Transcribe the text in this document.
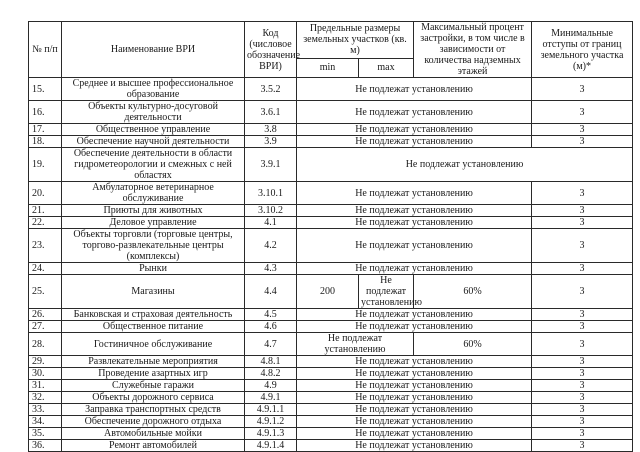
№ п/п	Наименование ВРИ	Код (числовое обозначение ВРИ)	Предельные размеры земельных участков (кв. м)		Максимальный процент застройки, в том числе в зависимости от количества надземных этажей	Минимальные отступы от границ земельного участка (м)*
			min	max		
15.	Среднее и высшее профессиональное образование	3.5.2	Не подлежат установлению			3
16.	Объекты культурно-досуговой деятельности	3.6.1	Не подлежат установлению			3
17.	Общественное управление	3.8	Не подлежат установлению			3
18.	Обеспечение научной деятельности	3.9	Не подлежат установлению			3
19.	Обеспечение деятельности в области гидрометеорологии и смежных с ней областях	3.9.1	Не подлежат установлению			
20.	Амбулаторное ветеринарное обслуживание	3.10.1	Не подлежат установлению			3
21.	Приюты для животных	3.10.2	Не подлежат установлению			3
22.	Деловое управление	4.1	Не подлежат установлению			3
23.	Объекты торговли (торговые центры, торгово-развлекательные центры (комплексы)	4.2	Не подлежат установлению			3
24.	Рынки	4.3	Не подлежат установлению			3
25.	Магазины	4.4	200	Не подлежат установлению	60%	3
26.	Банковская и страховая деятельность	4.5	Не подлежат установлению			3
27.	Общественное питание	4.6	Не подлежат установлению			3
28.	Гостиничное обслуживание	4.7	Не подлежат установлению		60%	3
29.	Развлекательные мероприятия	4.8.1	Не подлежат установлению			3
30.	Проведение азартных игр	4.8.2	Не подлежат установлению			3
31.	Служебные гаражи	4.9	Не подлежат установлению			3
32.	Объекты дорожного сервиса	4.9.1	Не подлежат установлению			3
33.	Заправка транспортных средств	4.9.1.1	Не подлежат установлению			3
34.	Обеспечение дорожного отдыха	4.9.1.2	Не подлежат установлению			3
35.	Автомобильные мойки	4.9.1.3	Не подлежат установлению			3
36.	Ремонт автомобилей	4.9.1.4	Не подлежат установлению			3
